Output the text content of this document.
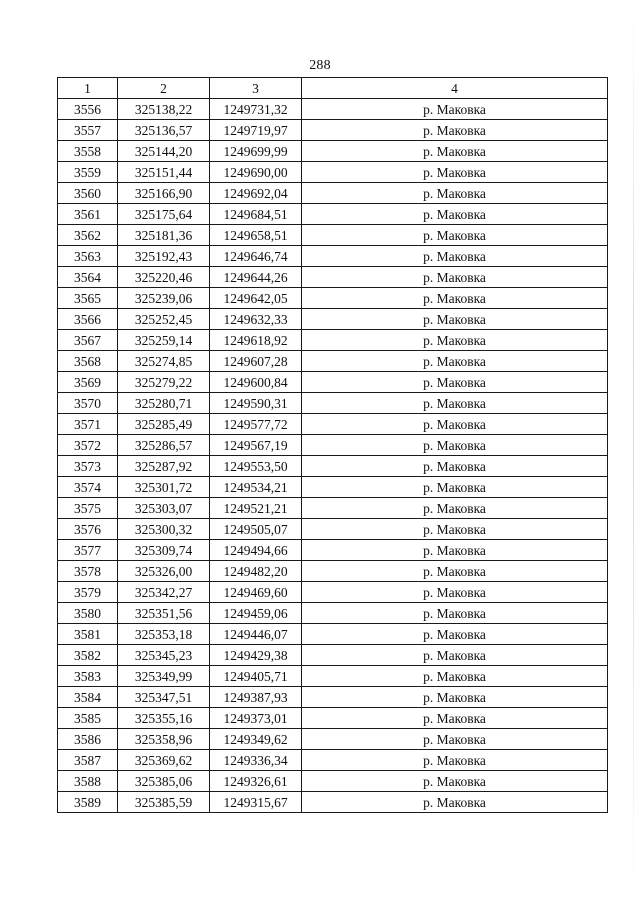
288
1	2	3	4
3556	325138,22	1249731,32	р. Маковка
3557	325136,57	1249719,97	р. Маковка
3558	325144,20	1249699,99	р. Маковка
3559	325151,44	1249690,00	р. Маковка
3560	325166,90	1249692,04	р. Маковка
3561	325175,64	1249684,51	р. Маковка
3562	325181,36	1249658,51	р. Маковка
3563	325192,43	1249646,74	р. Маковка
3564	325220,46	1249644,26	р. Маковка
3565	325239,06	1249642,05	р. Маковка
3566	325252,45	1249632,33	р. Маковка
3567	325259,14	1249618,92	р. Маковка
3568	325274,85	1249607,28	р. Маковка
3569	325279,22	1249600,84	р. Маковка
3570	325280,71	1249590,31	р. Маковка
3571	325285,49	1249577,72	р. Маковка
3572	325286,57	1249567,19	р. Маковка
3573	325287,92	1249553,50	р. Маковка
3574	325301,72	1249534,21	р. Маковка
3575	325303,07	1249521,21	р. Маковка
3576	325300,32	1249505,07	р. Маковка
3577	325309,74	1249494,66	р. Маковка
3578	325326,00	1249482,20	р. Маковка
3579	325342,27	1249469,60	р. Маковка
3580	325351,56	1249459,06	р. Маковка
3581	325353,18	1249446,07	р. Маковка
3582	325345,23	1249429,38	р. Маковка
3583	325349,99	1249405,71	р. Маковка
3584	325347,51	1249387,93	р. Маковка
3585	325355,16	1249373,01	р. Маковка
3586	325358,96	1249349,62	р. Маковка
3587	325369,62	1249336,34	р. Маковка
3588	325385,06	1249326,61	р. Маковка
3589	325385,59	1249315,67	р. Маковка
